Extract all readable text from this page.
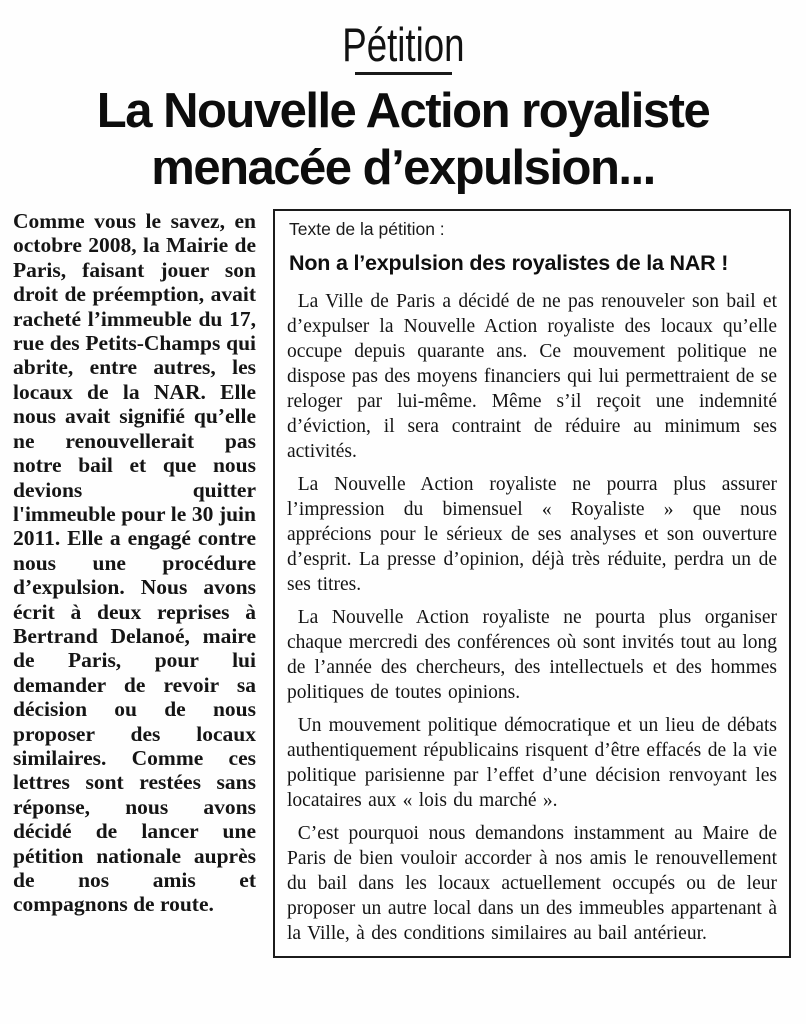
Pétition
La Nouvelle Action royaliste
menacée d’expulsion...
Comme vous le savez, en octobre 2008, la Mairie de Paris, faisant jouer son droit de préemption, avait racheté l’immeuble du 17, rue des Petits-Champs qui abrite, entre autres, les locaux de la NAR. Elle nous avait signifié qu’elle ne renouvellerait pas notre bail et que nous devions quitter l'immeuble pour le 30 juin 2011. Elle a engagé contre nous une procédure d’expulsion. Nous avons écrit à deux reprises à Bertrand Delanoé, maire de Paris, pour lui demander de revoir sa décision ou de nous proposer des locaux similaires. Comme ces lettres sont restées sans réponse, nous avons décidé de lancer une pétition nationale auprès de nos amis et compagnons de route.
Texte de la pétition :
Non a l’expulsion des royalistes de la NAR !

La Ville de Paris a décidé de ne pas renouveler son bail et d’expulser la Nouvelle Action royaliste des locaux qu’elle occupe depuis quarante ans. Ce mouvement politique ne dispose pas des moyens financiers qui lui permettraient de se reloger par lui-même. Même s’il reçoit une indemnité d’éviction, il sera contraint de réduire au minimum ses activités.

La Nouvelle Action royaliste ne pourra plus assurer l’impression du bimensuel « Royaliste » que nous apprécions pour le sérieux de ses analyses et son ouverture d’esprit. La presse d’opinion, déjà très réduite, perdra un de ses titres.

La Nouvelle Action royaliste ne pourta plus organiser chaque mercredi des conférences où sont invités tout au long de l’année des chercheurs, des intellectuels et des hommes politiques de toutes opinions.

Un mouvement politique démocratique et un lieu de débats authentiquement républicains risquent d’être effacés de la vie politique parisienne par l’effet d’une décision renvoyant les locataires aux « lois du marché ».

C’est pourquoi nous demandons instamment au Maire de Paris de bien vouloir accorder à nos amis le renouvellement du bail dans les locaux actuellement occupés ou de leur proposer un autre local dans un des immeubles appartenant à la Ville, à des conditions similaires au bail antérieur.
